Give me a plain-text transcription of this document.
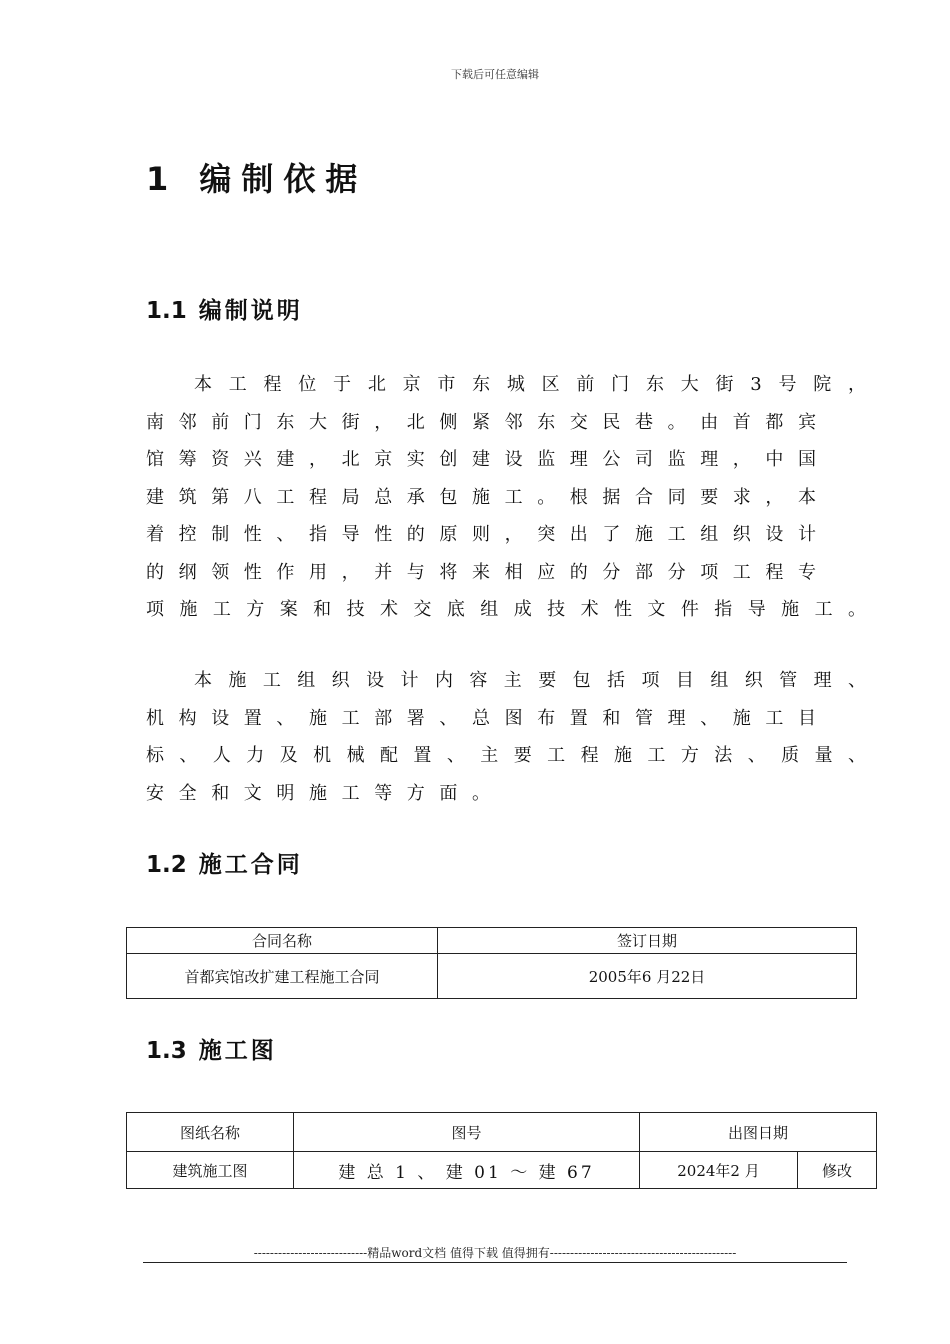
下载后可任意编辑
1 编制依据
1.1 编制说明
本工程位于北京市东城区前门东大街3号院，
南邻前门东大街，北侧紧邻东交民巷。由首都宾
馆筹资兴建，北京实创建设监理公司监理，中国
建筑第八工程局总承包施工。根据合同要求，本
着控制性、指导性的原则，突出了施工组织设计
的纲领性作用，并与将来相应的分部分项工程专
项施工方案和技术交底组成技术性文件指导施工。
本施工组织设计内容主要包括项目组织管理、
机构设置、施工部署、总图布置和管理、施工目
标、人力及机械配置、主要工程施工方法、质量、
安全和文明施工等方面。
1.2 施工合同
合同名称	签订日期
首都宾馆改扩建工程施工合同	2005年6 月22日
1.3 施工图
图纸名称	图号	出图日期	
建筑施工图	建 总 1 、 建 01 ～ 建 67	2024年2 月	修改
----------------------------精品word文档 值得下载 值得拥有----------------------------------------------
